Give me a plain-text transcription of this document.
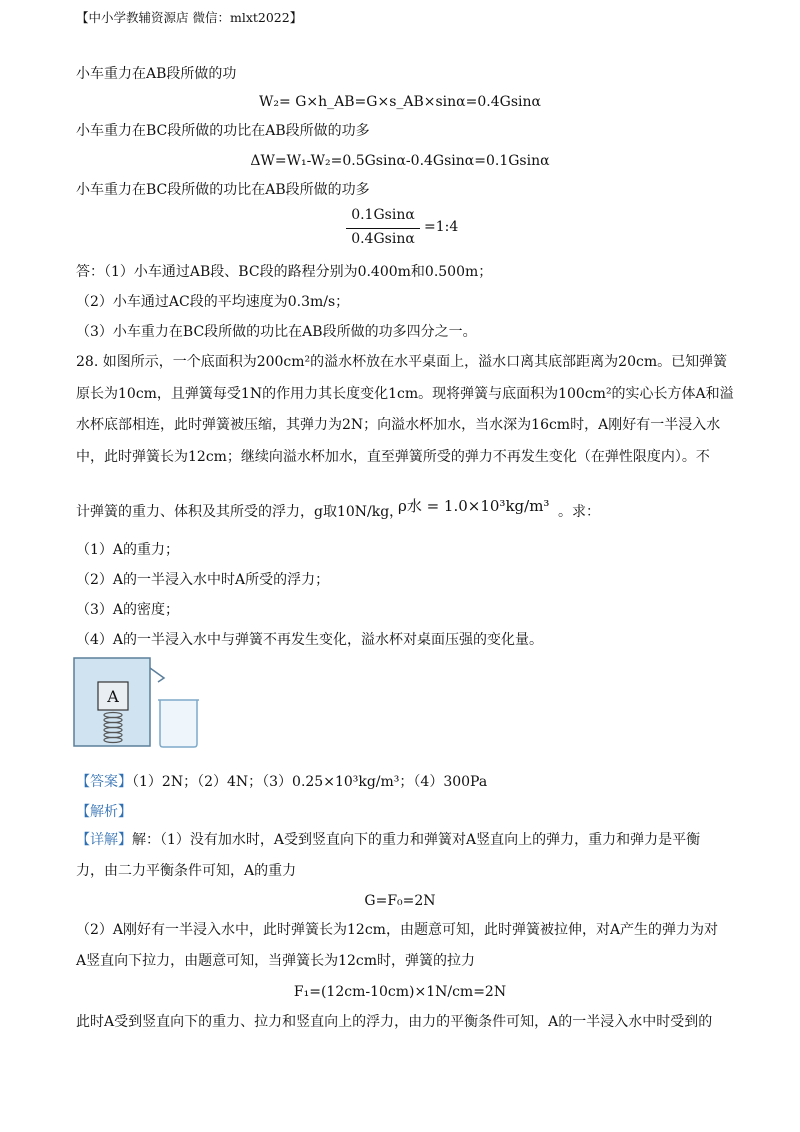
【中小学教辅资源店 微信：mlxt2022】
小车重力在AB段所做的功
W₂= G×h_AB=G×s_AB×sinα=0.4Gsinα
小车重力在BC段所做的功比在AB段所做的功多
ΔW=W₁-W₂=0.5Gsinα-0.4Gsinα=0.1Gsinα
小车重力在BC段所做的功比在AB段所做的功多
0.1Gsinα
0.4Gsinα
=1:4
答：（1）小车通过AB段、BC段的路程分别为0.400m和0.500m；
（2）小车通过AC段的平均速度为0.3m/s；
（3）小车重力在BC段所做的功比在AB段所做的功多四分之一。
28. 如图所示，一个底面积为200cm²的溢水杯放在水平桌面上，溢水口离其底部距离为20cm。已知弹簧
原长为10cm，且弹簧每受1N的作用力其长度变化1cm。现将弹簧与底面积为100cm²的实心长方体A和溢
水杯底部相连，此时弹簧被压缩，其弹力为2N；向溢水杯加水，当水深为16cm时，A刚好有一半浸入水
中，此时弹簧长为12cm；继续向溢水杯加水，直至弹簧所受的弹力不再发生变化（在弹性限度内）。不
计弹簧的重力、体积及其所受的浮力，g取10N/kg，
ρ水 = 1.0×10³kg/m³ 。求：
（1）A的重力；
（2）A的一半浸入水中时A所受的浮力；
（3）A的密度；
（4）A的一半浸入水中与弹簧不再发生变化，溢水杯对桌面压强的变化量。
A
【答案】（1）2N；（2）4N；（3）0.25×10³kg/m³；（4）300Pa
【解析】
【详解】解：（1）没有加水时，A受到竖直向下的重力和弹簧对A竖直向上的弹力，重力和弹力是平衡
力，由二力平衡条件可知，A的重力
G=F₀=2N
（2）A刚好有一半浸入水中，此时弹簧长为12cm，由题意可知，此时弹簧被拉伸，对A产生的弹力为对
A竖直向下拉力，由题意可知，当弹簧长为12cm时，弹簧的拉力
F₁=(12cm-10cm)×1N/cm=2N
此时A受到竖直向下的重力、拉力和竖直向上的浮力，由力的平衡条件可知，A的一半浸入水中时受到的
